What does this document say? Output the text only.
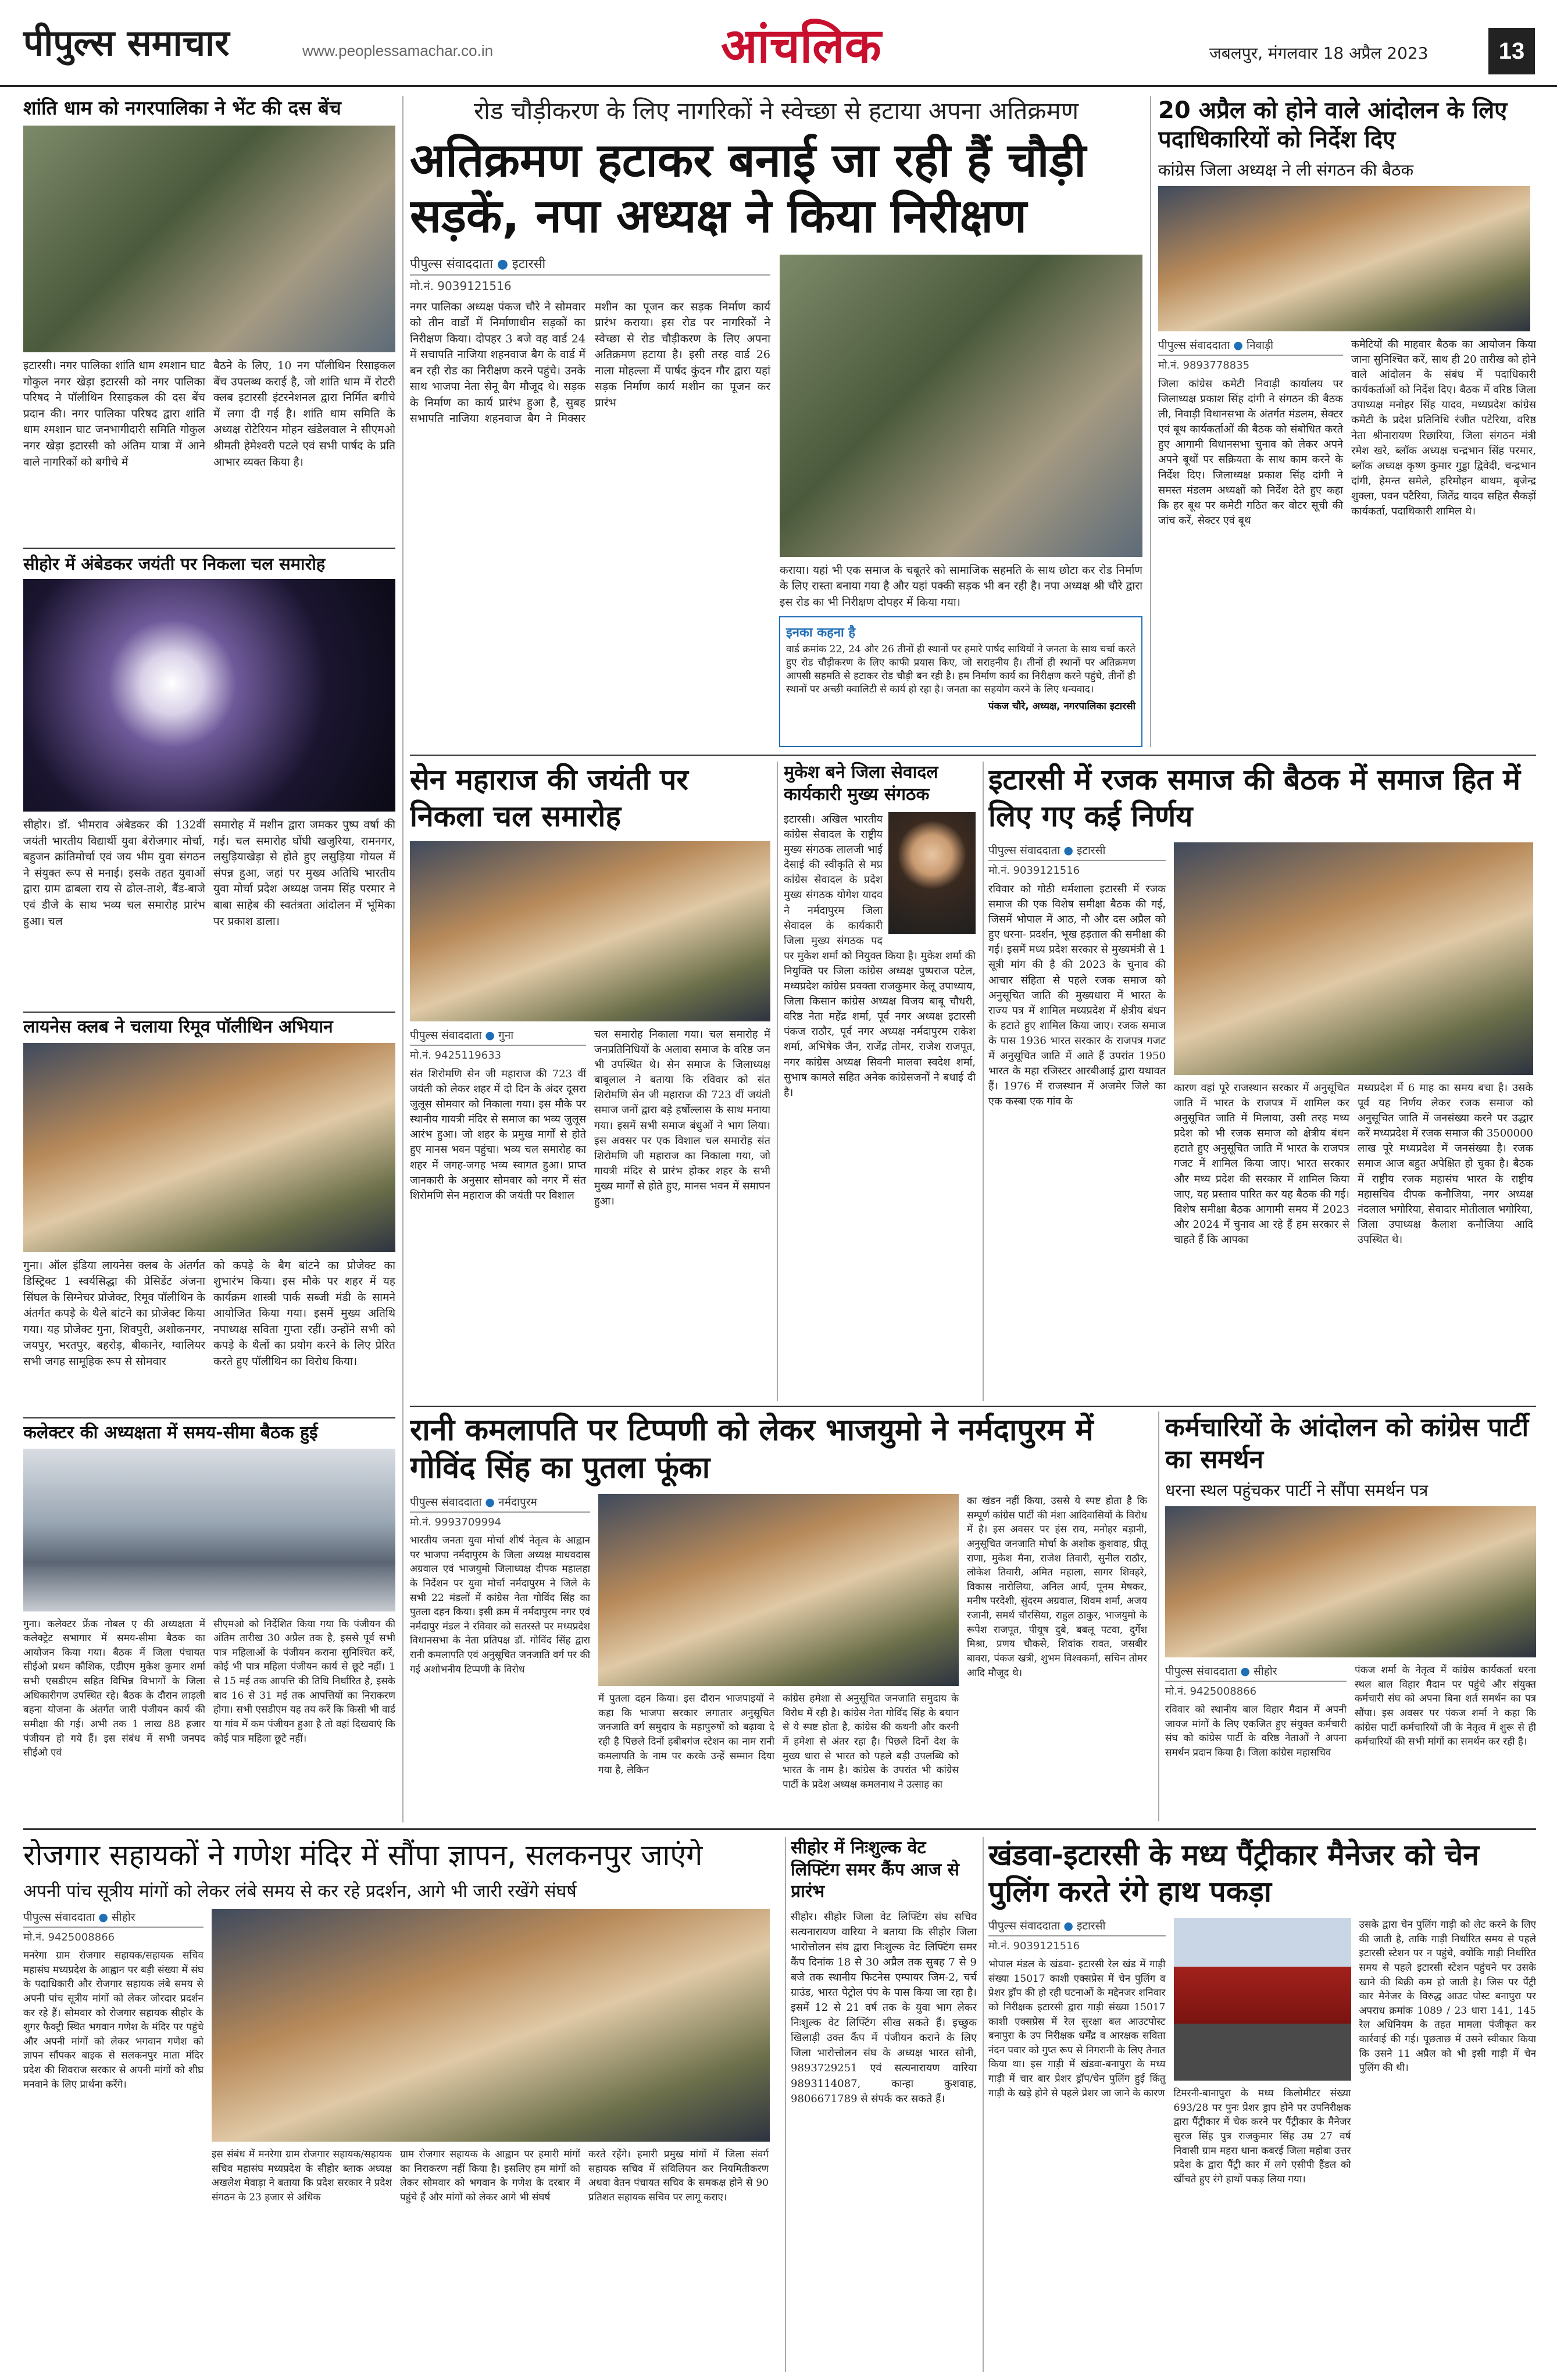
पीपुल्स समाचार	www.peoplessamachar.co.in	आंचलिक	जबलपुर, मंगलवार 18 अप्रैल 2023	13
शांति धाम को नगरपालिका ने भेंट की दस बेंच
इटारसी। नगर पालिका शांति धाम श्मशान घाट गोकुल नगर खेड़ा इटारसी को नगर पालिका परिषद ने पॉलीथिन रिसाइकल की दस बेंच प्रदान की। नगर पालिका परिषद द्वारा शांति धाम श्मशान घाट जनभागीदारी समिति गोकुल नगर खेड़ा इटारसी को अंतिम यात्रा में आने वाले नागरिकों को बगीचे में
बैठने के लिए, 10 नग पॉलीथिन रिसाइकल बेंच उपलब्ध कराई है, जो शांति धाम में रोटरी क्लब इटारसी इंटरनेशनल द्वारा निर्मित बगीचे में लगा दी गई है। शांति धाम समिति के अध्यक्ष रोटेरियन मोहन खंडेलवाल ने सीएमओ श्रीमती हेमेश्वरी पटले एवं सभी पार्षद के प्रति आभार व्यक्त किया है।
सीहोर में अंबेडकर जयंती पर निकला चल समारोह
सीहोर। डॉ. भीमराव अंबेडकर की 132वीं जयंती भारतीय विद्यार्थी युवा बेरोजगार मोर्चा, बहुजन क्रांतिमोर्चा एवं जय भीम युवा संगठन ने संयुक्त रूप से मनाई। इसके तहत युवाओं द्वारा ग्राम ढाबला राय से ढोल-ताशे, बैंड-बाजे एवं डीजे के साथ भव्य चल समारोह प्रारंभ हुआ। चल
समारोह में मशीन द्वारा जमकर पुष्प वर्षा की गई। चल समारोह घोंघी खजुरिया, रामनगर, लसुड़ियाखेड़ा से होते हुए लसुड़िया गोयल में संपन्न हुआ, जहां पर मुख्य अतिथि भारतीय युवा मोर्चा प्रदेश अध्यक्ष जनम सिंह परमार ने बाबा साहेब की स्वतंत्रता आंदोलन में भूमिका पर प्रकाश डाला।
लायनेस क्लब ने चलाया रिमूव पॉलीथिन अभियान
गुना। ऑल इंडिया लायनेस क्लब के अंतर्गत डिस्ट्रिक्ट 1 स्वर्यसिद्धा की प्रेसिडेंट अंजना सिंघल के सिग्नेचर प्रोजेक्ट, रिमूव पॉलीथिन के अंतर्गत कपड़े के थैले बांटने का प्रोजेक्ट किया गया। यह प्रोजेक्ट गुना, शिवपुरी, अशोकनगर, जयपुर, भरतपुर, बहरोड़, बीकानेर, ग्वालियर सभी जगह सामूहिक रूप से सोमवार
को कपड़े के बैग बांटने का प्रोजेक्ट का शुभारंभ किया। इस मौके पर शहर में यह कार्यक्रम शास्त्री पार्क सब्जी मंडी के सामने आयोजित किया गया। इसमें मुख्य अतिथि नपाध्यक्ष सविता गुप्ता रहीं। उन्होंने सभी को कपड़े के थैलों का प्रयोग करने के लिए प्रेरित करते हुए पॉलीथिन का विरोध किया।
कलेक्टर की अध्यक्षता में समय-सीमा बैठक हुई
गुना। कलेक्टर फ्रेंक नोबल ए की अध्यक्षता में कलेक्ट्रेट सभागार में समय-सीमा बैठक का आयोजन किया गया। बैठक में जिला पंचायत सीईओ प्रथम कौशिक, एडीएम मुकेश कुमार शर्मा सभी एसडीएम सहित विभिन्न विभागों के जिला अधिकारीगण उपस्थित रहे। बैठक के दौरान लाड़ली बहना योजना के अंतर्गत जारी पंजीयन कार्य की समीक्षा की गई। अभी तक 1 लाख 88 हजार पंजीयन हो गये हैं। इस संबंध में सभी जनपद सीईओ एवं
सीएमओ को निर्देशित किया गया कि पंजीयन की अंतिम तारीख 30 अप्रैल तक है, इससे पूर्व सभी पात्र महिलाओं के पंजीयन कराना सुनिश्चित करें, कोई भी पात्र महिला पंजीयन कार्य से छूटे नहीं। 1 से 15 मई तक आपत्ति की तिथि निर्धारित है, इसके बाद 16 से 31 मई तक आपत्तियों का निराकरण होगा। सभी एसडीएम यह तय करें कि किसी भी वार्ड या गांव में कम पंजीयन हुआ है तो वहां दिखवाएं कि कोई पात्र महिला छूटे नहीं।
रोड चौड़ीकरण के लिए नागरिकों ने स्वेच्छा से हटाया अपना अतिक्रमण
अतिक्रमण हटाकर बनाई जा रही हैं चौड़ी सड़कें, नपा अध्यक्ष ने किया निरीक्षण
पीपुल्स संवाददाता ● इटारसी
मो.नं. 9039121516
नगर पालिका अध्यक्ष पंकज चौरे ने सोमवार को तीन वार्डों में निर्माणाधीन सड़कों का निरीक्षण किया। दोपहर 3 बजे वह वार्ड 24 में सचापति नाजिया शहनवाज बैग के वार्ड में बन रही रोड का निरीक्षण करने पहुंचे। उनके साथ भाजपा नेता सेनू बैग मौजूद थे। सड़क के निर्माण का कार्य प्रारंभ हुआ है, सुबह सभापति नाजिया शहनवाज बैग ने मिक्सर मशीन का पूजन कर सड़क निर्माण कार्य प्रारंभ कराया। इस रोड पर नागरिकों ने स्वेच्छा से रोड चौड़ीकरण के लिए अपना अतिक्रमण हटाया है। इसी तरह वार्ड 26 नाला मोहल्ला में पार्षद कुंदन गौर द्वारा यहां सड़क निर्माण कार्य मशीन का पूजन कर प्रारंभ
कराया। यहां भी एक समाज के चबूतरे को सामाजिक सहमति के साथ छोटा कर रोड निर्माण के लिए रास्ता बनाया गया है और यहां पक्की सड़क भी बन रही है। नपा अध्यक्ष श्री चौरे द्वारा इस रोड का भी निरीक्षण दोपहर में किया गया।
इनका कहना है
वार्ड क्रमांक 22, 24 और 26 तीनों ही स्थानों पर हमारे पार्षद साथियों ने जनता के साथ चर्चा करते हुए रोड चौड़ीकरण के लिए काफी प्रयास किए, जो सराहनीय है। तीनों ही स्थानों पर अतिक्रमण आपसी सहमति से हटाकर रोड चौड़ी बन रही है। हम निर्माण कार्य का निरीक्षण करने पहुंचे, तीनों ही स्थानों पर अच्छी क्वालिटी से कार्य हो रहा है। जनता का सहयोग करने के लिए धन्यवाद।
पंकज चौरे, अध्यक्ष, नगरपालिका इटारसी
20 अप्रैल को होने वाले आंदोलन के लिए पदाधिकारियों को निर्देश दिए
कांग्रेस जिला अध्यक्ष ने ली संगठन की बैठक
पीपुल्स संवाददाता ● निवाड़ी
मो.नं. 9893778835
जिला कांग्रेस कमेटी निवाड़ी कार्यालय पर जिलाध्यक्ष प्रकाश सिंह दांगी ने संगठन की बैठक ली, निवाड़ी विधानसभा के अंतर्गत मंडलम, सेक्टर एवं बूथ कार्यकर्ताओं की बैठक को संबोधित करते हुए आगामी विधानसभा चुनाव को लेकर अपने अपने बूथों पर सक्रियता के साथ काम करने के निर्देश दिए। जिलाध्यक्ष प्रकाश सिंह दांगी ने समस्त मंडलम अध्यक्षों को निर्देश देते हुए कहा कि हर बूथ पर कमेटी गठित कर वोटर सूची की जांच करें, सेक्टर एवं बूथ
कमेटियों की माहवार बैठक का आयोजन किया जाना सुनिश्चित करें, साथ ही 20 तारीख को होने वाले आंदोलन के संबंध में पदाधिकारी कार्यकर्ताओं को निर्देश दिए। बैठक में वरिष्ठ जिला उपाध्यक्ष मनोहर सिंह यादव, मध्यप्रदेश कांग्रेस कमेटी के प्रदेश प्रतिनिधि रंजीत पटेरिया, वरिष्ठ नेता श्रीनारायण रिछारिया, जिला संगठन मंत्री रमेश खरे, ब्लॉक अध्यक्ष चन्द्रभान सिंह परमार, ब्लॉक अध्यक्ष कृष्ण कुमार गुड्डा द्विवेदी, चन्द्रभान दांगी, हेमन्त समेले, हरिमोहन बाथम, बृजेन्द्र शुक्ला, पवन पटैरिया, जितेंद्र यादव सहित सैकड़ों कार्यकर्ता, पदाधिकारी शामिल थे।
सेन महाराज की जयंती पर निकला चल समारोह
पीपुल्स संवाददाता ● गुना
मो.नं. 9425119633
संत शिरोमणि सेन जी महाराज की 723 वीं जयंती को लेकर शहर में दो दिन के अंदर दूसरा जुलूस सोमवार को निकाला गया। इस मौके पर स्थानीय गायत्री मंदिर से समाज का भव्य जुलूस आरंभ हुआ। जो शहर के प्रमुख मार्गों से होते हुए मानस भवन पहुंचा। भव्य चल समारोह का शहर में जगह-जगह भव्य स्वागत हुआ। प्राप्त जानकारी के अनुसार सोमवार को नगर में संत शिरोमणि सेन महाराज की जयंती पर विशाल
चल समारोह निकाला गया। चल समारोह में जनप्रतिनिधियों के अलावा समाज के वरिष्ठ जन भी उपस्थित थे। सेन समाज के जिलाध्यक्ष बाबूलाल ने बताया कि रविवार को संत शिरोमणि सेन जी महाराज की 723 वीं जयंती समाज जनों द्वारा बड़े हर्षोल्लास के साथ मनाया गया। इसमें सभी समाज बंधुओं ने भाग लिया। इस अवसर पर एक विशाल चल समारोह संत शिरोमणि जी महाराज का निकाला गया, जो गायत्री मंदिर से प्रारंभ होकर शहर के सभी मुख्य मार्गों से होते हुए, मानस भवन में समापन हुआ।
मुकेश बने जिला सेवादल कार्यकारी मुख्य संगठक
इटारसी। अखिल भारतीय कांग्रेस सेवादल के राष्ट्रीय मुख्य संगठक लालजी भाई देसाई की स्वीकृति से मप्र कांग्रेस सेवादल के प्रदेश मुख्य संगठक योगेश यादव ने नर्मदापुरम जिला सेवादल के कार्यकारी जिला मुख्य संगठक पद पर मुकेश शर्मा को नियुक्त किया है। मुकेश शर्मा की नियुक्ति पर जिला कांग्रेस अध्यक्ष पुष्पराज पटेल, मध्यप्रदेश कांग्रेस प्रवक्ता राजकुमार केलू उपाध्याय, जिला किसान कांग्रेस अध्यक्ष विजय बाबू चौधरी, वरिष्ठ नेता महेंद्र शर्मा, पूर्व नगर अध्यक्ष इटारसी पंकज राठौर, पूर्व नगर अध्यक्ष नर्मदापुरम राकेश शर्मा, अभिषेक जैन, राजेंद्र तोमर, राजेश राजपूत, नगर कांग्रेस अध्यक्ष सिवनी मालवा स्वदेश शर्मा, सुभाष कामले सहित अनेक कांग्रेसजनों ने बधाई दी है।
इटारसी में रजक समाज की बैठक में समाज हित में लिए गए कई निर्णय
पीपुल्स संवाददाता ● इटारसी
मो.नं. 9039121516
रविवार को गोठी धर्मशाला इटारसी में रजक समाज की एक विशेष समीक्षा बैठक की गई, जिसमें भोपाल में आठ, नौ और दस अप्रैल को हुए धरना- प्रदर्शन, भूख हड़ताल की समीक्षा की गई। इसमें मध्य प्रदेश सरकार से मुख्यमंत्री से 1 सूत्री मांग की है की 2023 के चुनाव की आचार संहिता से पहले रजक समाज को अनुसूचित जाति की मुख्यधारा में भारत के राज्य पत्र में शामिल मध्यप्रदेश में क्षेत्रीय बंधन के हटाते हुए शामिल किया जाए। रजक समाज के पास 1936 भारत सरकार के राजपत्र गजट में अनुसूचित जाति में आते हैं उपरांत 1950 भारत के महा रजिस्टर आरबीआई द्वारा यथावत हैं। 1976 में राजस्थान में अजमेर जिले का एक कस्बा एक गांव के
कारण वहां पूरे राजस्थान सरकार में अनुसूचित जाति में भारत के राजपत्र में शामिल कर अनुसूचित जाति में मिलाया, उसी तरह मध्य प्रदेश को भी रजक समाज को क्षेत्रीय बंधन हटाते हुए अनुसूचित जाति में भारत के राजपत्र गजट में शामिल किया जाए। भारत सरकार और मध्य प्रदेश की सरकार में शामिल किया जाए, यह प्रस्ताव पारित कर यह बैठक की गई। विशेष समीक्षा बैठक आगामी समय में 2023 और 2024 में चुनाव आ रहे हैं हम सरकार से चाहते हैं कि आपका
मध्यप्रदेश में 6 माह का समय बचा है। उसके पूर्व यह निर्णय लेकर रजक समाज को अनुसूचित जाति में जनसंख्या करने पर उद्धार करें मध्यप्रदेश में रजक समाज की 3500000 लाख पूरे मध्यप्रदेश में जनसंख्या है। रजक समाज आज बहुत अपेक्षित हो चुका है। बैठक में राष्ट्रीय रजक महासंघ भारत के राष्ट्रीय महासचिव दीपक कनौजिया, नगर अध्यक्ष नंदलाल भगोरिया, सेवादार मोतीलाल भगोरिया, जिला उपाध्यक्ष कैलाश कनौजिया आदि उपस्थित थे।
रानी कमलापति पर टिप्पणी को लेकर भाजयुमो ने नर्मदापुरम में गोविंद सिंह का पुतला फूंका
पीपुल्स संवाददाता ● नर्मदापुरम
मो.नं. 9993709994
भारतीय जनता युवा मोर्चा शीर्ष नेतृत्व के आह्वान पर भाजपा नर्मदापुरम के जिला अध्यक्ष माधवदास अग्रवाल एवं भाजयुमो जिलाध्यक्ष दीपक महालहा के निर्देशन पर युवा मोर्चा नर्मदापुरम ने जिले के सभी 22 मंडलों में कांग्रेस नेता गोविंद सिंह का पुतला दहन किया। इसी क्रम में नर्मदापुरम नगर एवं नर्मदापुर मंडल ने रविवार को सतरस्ते पर मध्यप्रदेश विधानसभा के नेता प्रतिपक्ष डॉ. गोविंद सिंह द्वारा रानी कमलापति एवं अनुसूचित जनजाति वर्ग पर की गई अशोभनीय टिप्पणी के विरोध
में पुतला दहन किया। इस दौरान भाजपाइयों ने कहा कि भाजपा सरकार लगातार अनुसूचित जनजाति वर्ग समुदाय के महापुरुषों को बढ़ावा दे रही है पिछले दिनों हबीबगंज स्टेशन का नाम रानी कमलापति के नाम पर करके उन्हें सम्मान दिया गया है, लेकिन
कांग्रेस हमेशा से अनुसूचित जनजाति समुदाय के विरोध में रही है। कांग्रेस नेता गोविंद सिंह के बयान से ये स्पष्ट होता है, कांग्रेस की कथनी और करनी में हमेशा से अंतर रहा है। पिछले दिनों देश के मुख्य धारा से भारत को पहले बड़ी उपलब्धि को भारत के नाम है। कांग्रेस के उपरांत भी कांग्रेस पार्टी के प्रदेश अध्यक्ष कमलनाथ ने उत्साह का
का खंडन नहीं किया, उससे ये स्पष्ट होता है कि सम्पूर्ण कांग्रेस पार्टी की मंशा आदिवासियों के विरोध में है। इस अवसर पर हंस राय, मनोहर बड़ानी, अनुसूचित जनजाति मोर्चा के अशोक कुशवाह, प्रीतू राणा, मुकेश मैना, राजेश तिवारी, सुनील राठौर, लोकेश तिवारी, अमित महाला, सागर शिवहरे, विकास नारोलिया, अनिल आर्य, पूनम मेषकर, मनीष परदेशी, सुंदरम अग्रवाल, शिवम शर्मा, अजय रजानी, समर्थ चौरसिया, राहुल ठाकुर, भाजयुमो के रूपेश राजपूत, पीयूष दुबे, बबलू पटवा, दुर्गेश मिश्रा, प्रणय चौकसे, शिवांक रावत, जसबीर बावरा, पंकज खत्री, शुभम विश्वकर्मा, सचिन तोमर आदि मौजूद थे।
कर्मचारियों के आंदोलन को कांग्रेस पार्टी का समर्थन
धरना स्थल पहुंचकर पार्टी ने सौंपा समर्थन पत्र
पीपुल्स संवाददाता ● सीहोर
मो.नं. 9425008866
रविवार को स्थानीय बाल विहार मैदान में अपनी जायज मांगों के लिए एकजित हुए संयुक्त कर्मचारी संघ को कांग्रेस पार्टी के वरिष्ठ नेताओं ने अपना समर्थन प्रदान किया है। जिला कांग्रेस महासचिव
पंकज शर्मा के नेतृत्व में कांग्रेस कार्यकर्ता धरना स्थल बाल विहार मैदान पर पहुंचे और संयुक्त कर्मचारी संघ को अपना बिना शर्त समर्थन का पत्र सौंपा। इस अवसर पर पंकज शर्मा ने कहा कि कांग्रेस पार्टी कर्मचारियों जी के नेतृत्व में शुरू से ही कर्मचारियों की सभी मांगों का समर्थन कर रही है।
रोजगार सहायकों ने गणेश मंदिर में सौंपा ज्ञापन, सलकनपुर जाएंगे
अपनी पांच सूत्रीय मांगों को लेकर लंबे समय से कर रहे प्रदर्शन, आगे भी जारी रखेंगे संघर्ष
पीपुल्स संवाददाता ● सीहोर
मो.नं. 9425008866
मनरेगा ग्राम रोजगार सहायक/सहायक सचिव महासंघ मध्यप्रदेश के आह्वान पर बड़ी संख्या में संघ के पदाधिकारी और रोजगार सहायक लंबे समय से अपनी पांच सूत्रीय मांगों को लेकर जोरदार प्रदर्शन कर रहे हैं। सोमवार को रोजगार सहायक सीहोर के शुगर फैक्ट्री स्थित भगवान गणेश के मंदिर पर पहुंचे और अपनी मांगों को लेकर भगवान गणेश को ज्ञापन सौंपकर बाइक से सलकनपुर माता मंदिर प्रदेश की शिवराज सरकार से अपनी मांगों को शीघ्र मनवाने के लिए प्रार्थना करेंगे।
इस संबंध में मनरेगा ग्राम रोजगार सहायक/सहायक सचिव महासंघ मध्यप्रदेश के सीहोर ब्लाक अध्यक्ष अखलेश मेवाड़ा ने बताया कि प्रदेश सरकार ने प्रदेश संगठन के 23 हजार से अधिक
ग्राम रोजगार सहायक के आह्वान पर हमारी मांगों का निराकरण नहीं किया है। इसलिए हम मांगों को लेकर सोमवार को भगवान के गणेश के दरबार में पहुंचे हैं और मांगों को लेकर आगे भी संघर्ष
करते रहेंगे। हमारी प्रमुख मांगों में जिला संवर्ग सहायक सचिव में संविलियन कर नियमितीकरण अथवा वेतन पंचायत सचिव के समकक्ष होने से 90 प्रतिशत सहायक सचिव पर लागू कराए।
सीहोर में निःशुल्क वेट लिफ्टिंग समर कैंप आज से प्रारंभ
सीहोर। सीहोर जिला वेट लिफ्टिंग संघ सचिव सत्यनारायण वारिया ने बताया कि सीहोर जिला भारोत्तोलन संघ द्वारा निःशुल्क वेट लिफ्टिंग समर कैंप दिनांक 18 से 30 अप्रैल तक सुबह 7 से 9 बजे तक स्थानीय फिटनेस एम्पायर जिम-2, चर्च ग्राउंड, भारत पेट्रोल पंप के पास किया जा रहा है। इसमें 12 से 21 वर्ष तक के युवा भाग लेकर निःशुल्क वेट लिफ्टिंग सीख सकते हैं। इच्छुक खिलाड़ी उक्त कैंप में पंजीयन कराने के लिए जिला भारोत्तोलन संघ के अध्यक्ष भारत सोनी, 9893729251 एवं सत्यनारायण वारिया 9893114087, कान्हा कुशवाह, 9806671789 से संपर्क कर सकते हैं।
खंडवा-इटारसी के मध्य पैंट्रीकार मैनेजर को चेन पुलिंग करते रंगे हाथ पकड़ा
पीपुल्स संवाददाता ● इटारसी
मो.नं. 9039121516
भोपाल मंडल के खंडवा- इटारसी रेल खंड में गाड़ी संख्या 15017 काशी एक्सप्रेस में चेन पुलिंग व प्रेशर ड्रॉप की हो रही घटनाओं के मद्देनजर शनिवार को निरीक्षक इटारसी द्वारा गाड़ी संख्या 15017 काशी एक्सप्रेस में रेल सुरक्षा बल आउटपोस्ट बनापुरा के उप निरीक्षक धर्मेंद्र व आरक्षक सविता नंदन पवार को गुप्त रूप से निगरानी के लिए तैनात किया था। इस गाड़ी में खंडवा-बनापुरा के मध्य गाड़ी में चार बार प्रेशर ड्रॉप/चेन पुलिंग हुई किंतु गाड़ी के खड़े होने से पहले प्रेशर जा जाने के कारण टिमरनी-बानापुरा के मध्य किलोमीटर संख्या 693/28 पर पुनः प्रेशर ड्राप होने पर उपनिरीक्षक द्वारा पैंट्रीकार में चेक करने पर पैंट्रीकार के मैनेजर सुरज सिंह पुत्र राजकुमार सिंह उम्र 27 वर्ष निवासी ग्राम महरा थाना कबरई जिला महोबा उत्तर प्रदेश के द्वारा पैंट्री कार में लगे एसीपी हैंडल को खींचते हुए रंगे हाथों पकड़ लिया गया।
उसके द्वारा चेन पुलिंग गाड़ी को लेट करने के लिए की जाती है, ताकि गाड़ी निर्धारित समय से पहले इटारसी स्टेशन पर न पहुंचे, क्योंकि गाड़ी निर्धारित समय से पहले इटारसी स्टेशन पहुंचने पर उसके खाने की बिक्री कम हो जाती है। जिस पर पैंट्री कार मैनेजर के विरुद्ध आउट पोस्ट बनापुरा पर अपराध क्रमांक 1089 / 23 धारा 141, 145 रेल अधिनियम के तहत मामला पंजीकृत कर कार्रवाई की गई। पूछताछ में उसने स्वीकार किया कि उसने 11 अप्रैल को भी इसी गाड़ी में चेन पुलिंग की थी।
